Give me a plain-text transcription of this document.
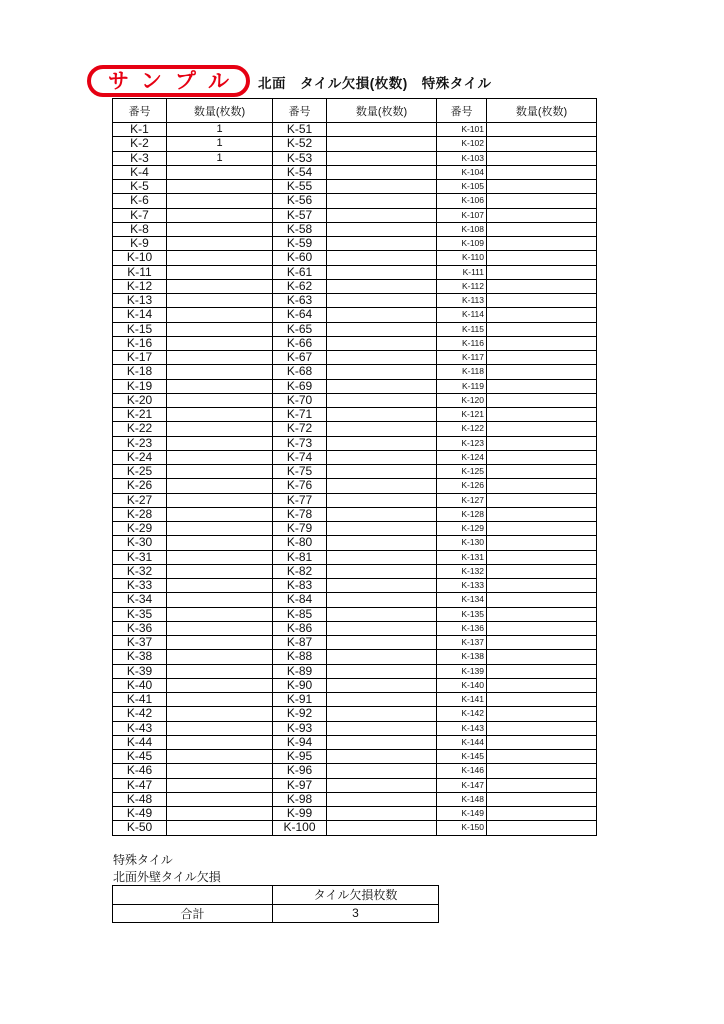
サンプル 北面　タイル欠損(枚数)　特殊タイル
番号	数量(枚数)	番号	数量(枚数)	番号	数量(枚数)
K-1	1	K-51		K-101	
K-2	1	K-52		K-102	
K-3	1	K-53		K-103	
K-4		K-54		K-104	
K-5		K-55		K-105	
K-6		K-56		K-106	
K-7		K-57		K-107	
K-8		K-58		K-108	
K-9		K-59		K-109	
K-10		K-60		K-110	
K-11		K-61		K-111	
K-12		K-62		K-112	
K-13		K-63		K-113	
K-14		K-64		K-114	
K-15		K-65		K-115	
K-16		K-66		K-116	
K-17		K-67		K-117	
K-18		K-68		K-118	
K-19		K-69		K-119	
K-20		K-70		K-120	
K-21		K-71		K-121	
K-22		K-72		K-122	
K-23		K-73		K-123	
K-24		K-74		K-124	
K-25		K-75		K-125	
K-26		K-76		K-126	
K-27		K-77		K-127	
K-28		K-78		K-128	
K-29		K-79		K-129	
K-30		K-80		K-130	
K-31		K-81		K-131	
K-32		K-82		K-132	
K-33		K-83		K-133	
K-34		K-84		K-134	
K-35		K-85		K-135	
K-36		K-86		K-136	
K-37		K-87		K-137	
K-38		K-88		K-138	
K-39		K-89		K-139	
K-40		K-90		K-140	
K-41		K-91		K-141	
K-42		K-92		K-142	
K-43		K-93		K-143	
K-44		K-94		K-144	
K-45		K-95		K-145	
K-46		K-96		K-146	
K-47		K-97		K-147	
K-48		K-98		K-148	
K-49		K-99		K-149	
K-50		K-100		K-150	
特殊タイル
北面外壁タイル欠損
	タイル欠損枚数
合計	3
